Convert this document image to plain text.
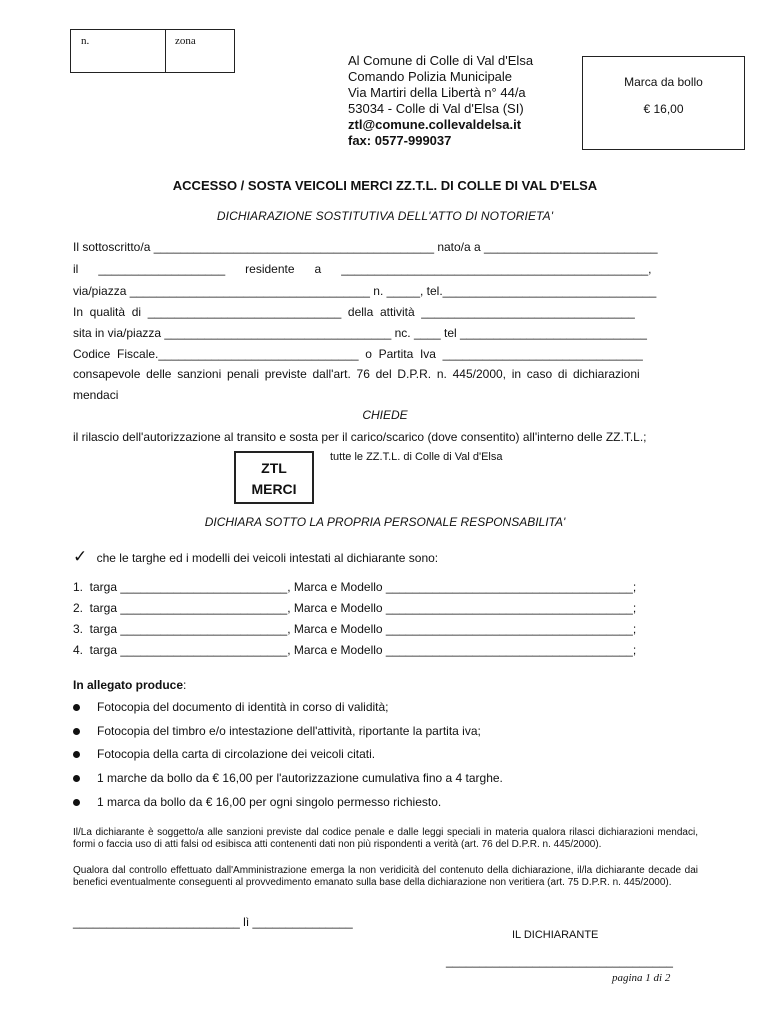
n.	zona
Al Comune di Colle di Val d'Elsa
Comando Polizia Municipale
Via Martiri della Libertà n° 44/a
53034 - Colle di Val d'Elsa (SI)
ztl@comune.collevaldelsa.it
fax: 0577-999037
Marca da bollo
€ 16,00
ACCESSO / SOSTA VEICOLI MERCI ZZ.T.L. DI COLLE DI VAL D'ELSA
DICHIARAZIONE SOSTITUTIVA DELL'ATTO DI NOTORIETA'
Il sottoscritto/a __________________________________________ nato/a a __________________________
il      ___________________      residente      a      ______________________________________________,
via/piazza ____________________________________ n. _____, tel.________________________________
In  qualità  di  _____________________________  della  attività  ________________________________
sita in via/piazza __________________________________ nc. ____ tel ____________________________
Codice  Fiscale.______________________________  o  Partita  Iva  ______________________________
consapevole delle sanzioni penali previste dall'art. 76 del D.P.R. n. 445/2000, in caso di dichiarazioni
mendaci
CHIEDE
il rilascio dell'autorizzazione al transito e sosta per il carico/scarico (dove consentito) all'interno delle ZZ.T.L.;
ZTL
MERCI
tutte le ZZ.T.L. di Colle di Val d'Elsa
DICHIARA SOTTO LA PROPRIA PERSONALE RESPONSABILITA'
✓ che le targhe ed i modelli dei veicoli intestati al dichiarante sono:
1.  targa _________________________, Marca e Modello _____________________________________;
2.  targa _________________________, Marca e Modello _____________________________________;
3.  targa _________________________, Marca e Modello _____________________________________;
4.  targa _________________________, Marca e Modello _____________________________________;
In allegato produce:
Fotocopia del documento di identità in corso di validità;
Fotocopia del timbro e/o intestazione dell'attività, riportante la partita iva;
Fotocopia della carta di circolazione dei veicoli citati.
1 marche da bollo da € 16,00 per l'autorizzazione cumulativa fino a 4 targhe.
1 marca da bollo da € 16,00 per ogni singolo permesso richiesto.
Il/La dichiarante è soggetto/a alle sanzioni previste dal codice penale e dalle leggi speciali in materia qualora rilasci dichiarazioni mendaci, formi o faccia uso di atti falsi od esibisca atti contenenti dati non più rispondenti a verità (art. 76 del D.P.R. n. 445/2000).
Qualora dal controllo effettuato dall'Amministrazione emerga la non veridicità del contenuto della dichiarazione, il/la dichiarante decade dai benefici eventualmente conseguenti al provvedimento emanato sulla base della dichiarazione non veritiera (art. 75 D.P.R. n. 445/2000).
_________________________ lì _______________
IL DICHIARANTE
__________________________________
pagina 1 di 2
